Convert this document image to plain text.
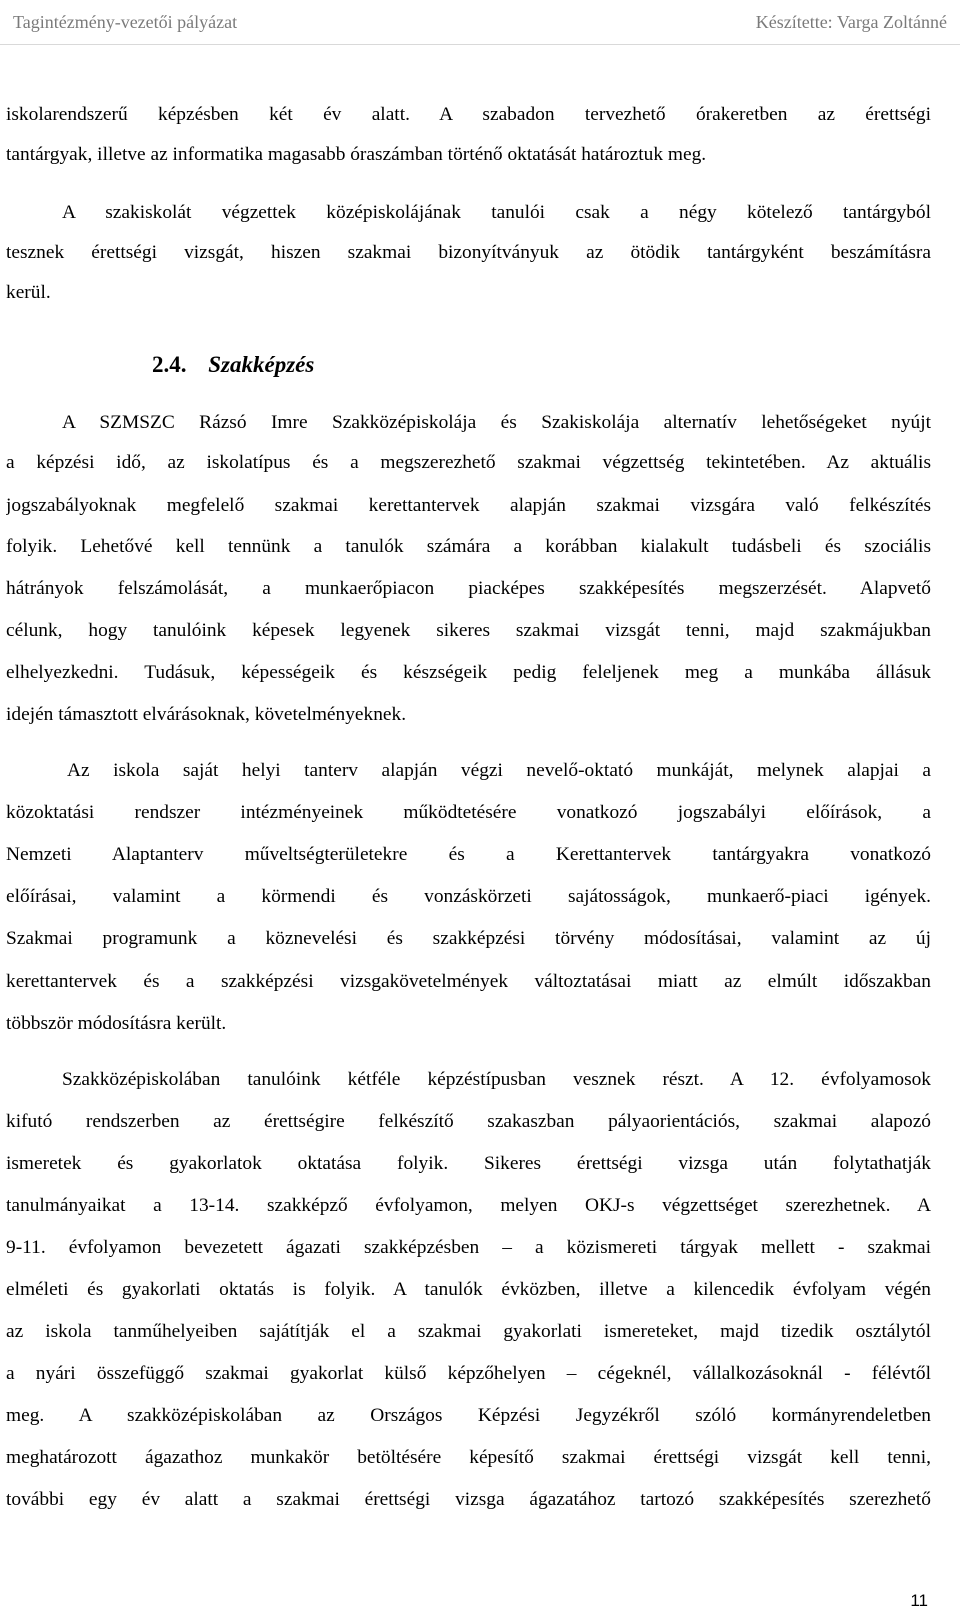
Tagintézmény-vezetői pályázat	Készítette: Varga Zoltánné
iskolarendszerű képzésben két év alatt. A szabadon tervezhető órakeretben az érettségi
tantárgyak, illetve az informatika magasabb óraszámban történő oktatását határoztuk meg.
A szakiskolát végzettek középiskolájának tanulói csak a négy kötelező tantárgyból
tesznek érettségi vizsgát, hiszen szakmai bizonyítványuk az ötödik tantárgyként beszámításra
kerül.
2.4. Szakképzés
A SZMSZC Rázsó Imre Szakközépiskolája és Szakiskolája alternatív lehetőségeket nyújt
a képzési idő, az iskolatípus és a megszerezhető szakmai végzettség tekintetében. Az aktuális
jogszabályoknak megfelelő szakmai kerettantervek alapján szakmai vizsgára való felkészítés
folyik. Lehetővé kell tennünk a tanulók számára a korábban kialakult tudásbeli és szociális
hátrányok felszámolását, a munkaerőpiacon piacképes szakképesítés megszerzését. Alapvető
célunk, hogy tanulóink képesek legyenek sikeres szakmai vizsgát tenni, majd szakmájukban
elhelyezkedni. Tudásuk, képességeik és készségeik pedig feleljenek meg a munkába állásuk
idején támasztott elvárásoknak, követelményeknek.
Az iskola saját helyi tanterv alapján végzi nevelő-oktató munkáját, melynek alapjai a
közoktatási rendszer intézményeinek működtetésére vonatkozó jogszabályi előírások, a
Nemzeti Alaptanterv műveltségterületekre és a Kerettantervek tantárgyakra vonatkozó
előírásai, valamint a körmendi és vonzáskörzeti sajátosságok, munkaerő-piaci igények.
Szakmai programunk a köznevelési és szakképzési törvény módosításai, valamint az új
kerettantervek és a szakképzési vizsgakövetelmények változtatásai miatt az elmúlt időszakban
többször módosításra került.
Szakközépiskolában tanulóink kétféle képzéstípusban vesznek részt. A 12. évfolyamosok
kifutó rendszerben az érettségire felkészítő szakaszban pályaorientációs, szakmai alapozó
ismeretek és gyakorlatok oktatása folyik. Sikeres érettségi vizsga után folytathatják
tanulmányaikat a 13-14. szakképző évfolyamon, melyen OKJ-s végzettséget szerezhetnek. A
9-11. évfolyamon bevezetett ágazati szakképzésben – a közismereti tárgyak mellett - szakmai
elméleti és gyakorlati oktatás is folyik. A tanulók évközben, illetve a kilencedik évfolyam végén
az iskola tanműhelyeiben sajátítják el a szakmai gyakorlati ismereteket, majd tizedik osztálytól
a nyári összefüggő szakmai gyakorlat külső képzőhelyen – cégeknél, vállalkozásoknál - félévtől
meg. A szakközépiskolában az Országos Képzési Jegyzékről szóló kormányrendeletben
meghatározott ágazathoz munkakör betöltésére képesítő szakmai érettségi vizsgát kell tenni,
további egy év alatt a szakmai érettségi vizsga ágazatához tartozó szakképesítés szerezhető
11
